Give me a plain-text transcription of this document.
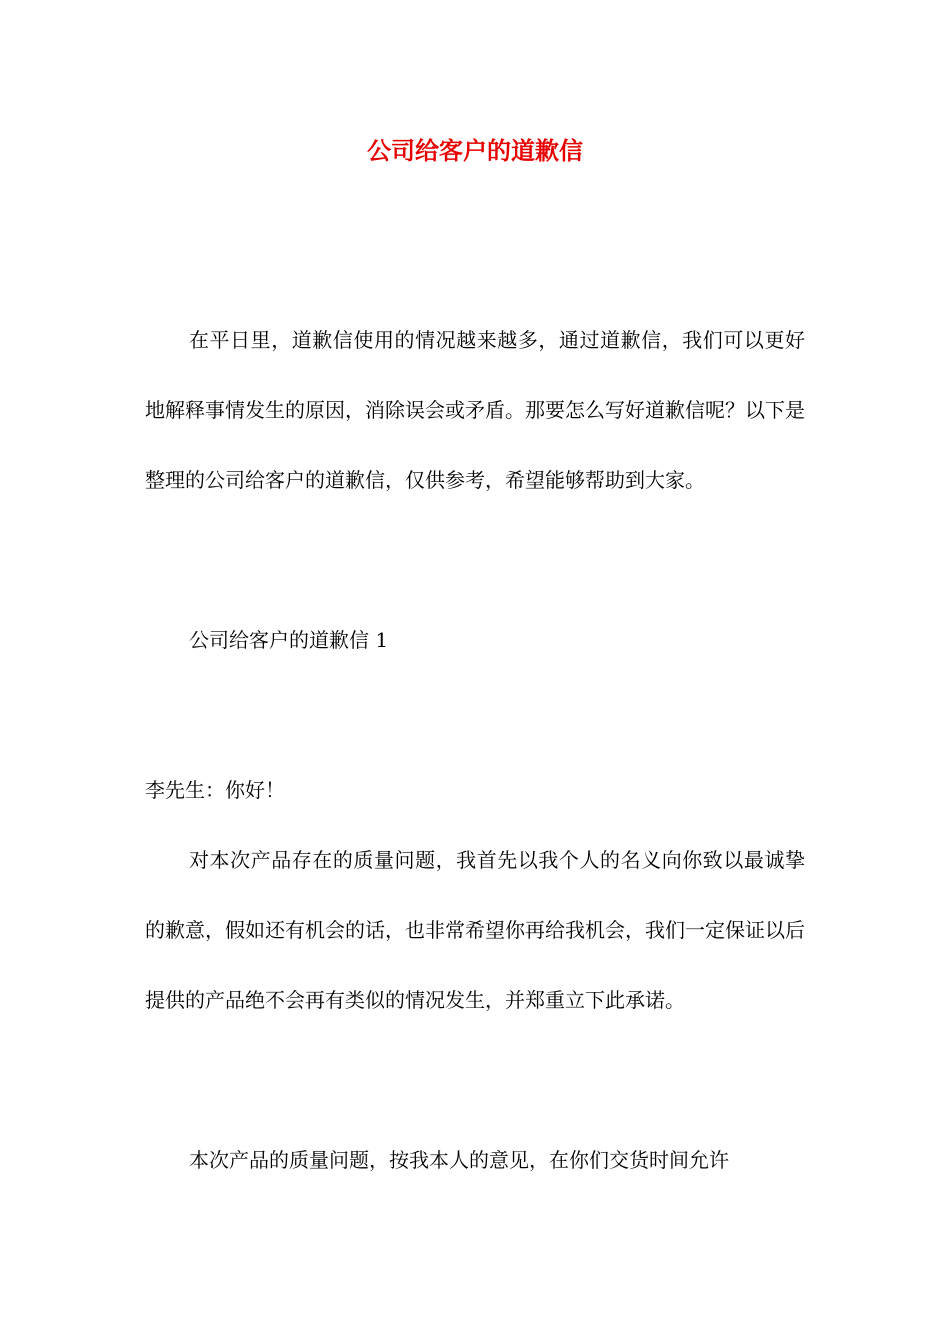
公司给客户的道歉信

在平日里，道歉信使用的情况越来越多，通过道歉信，我们可以更好地解释事情发生的原因，消除误会或矛盾。那要怎么写好道歉信呢？以下是整理的公司给客户的道歉信，仅供参考，希望能够帮助到大家。

公司给客户的道歉信 1

李先生：你好！

对本次产品存在的质量问题，我首先以我个人的名义向你致以最诚挚的歉意，假如还有机会的话，也非常希望你再给我机会，我们一定保证以后提供的产品绝不会再有类似的情况发生，并郑重立下此承诺。

本次产品的质量问题，按我本人的意见，在你们交货时间允许
